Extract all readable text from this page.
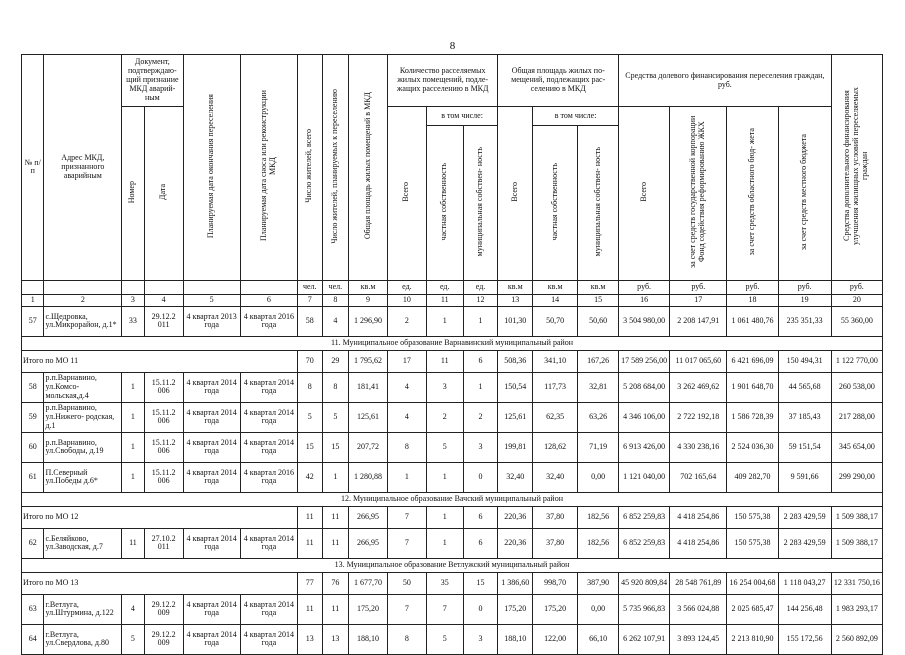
8
№ п/ п	Адрес МКД, признанного аварийным	Документ, подтверждаю- щий признание МКД аварий- ным		Планируемая дата окончания переселения	Планируемая дата сноса или реконструкции МКД	Число жителей, всего	Число жителей, планируемых к переселению	Общая площадь жилых помещений в МКД	Количество расселяемых жилых помещений, подле- жащих расселению в МКД			Общая площадь жилых по- мещений, подлежащих рас- селению в МКД			Средства долевого финансирования переселения граждан, руб.				Средства дополнительного финансирования улучшения жилищных условий переселяемых граждан
		Номер	Дата						Всего	в том числе:		Всего	в том числе:		Всего	за счет средств государственной корпорации Фонд содействия реформированию ЖКХ	за счет средств областного бюд- жета	за счет средств местного бюджета	
										частная собственность	муниципальная собствен- ность		частная собственность	муниципальная собствен- ность					
						чел.	чел.	кв.м	ед.	ед.	ед.	кв.м	кв.м	кв.м	руб.	руб.	руб.	руб.	руб.
1	2	3	4	5	6	7	8	9	10	11	12	13	14	15	16	17	18	19	20
57	с.Щедровка, ул.Микрорайон, д.1*	33	29.12.2 011	4 квартал 2013 года	4 квартал 2016 года	58	4	1 296,90	2	1	1	101,30	50,70	50,60	3 504 980,00	2 208 147,91	1 061 480,76	235 351,33	55 360,00
11. Муниципальное образование Варнавинский муниципальный район																			
Итого по МО 11						70	29	1 795,62	17	11	6	508,36	341,10	167,26	17 589 256,00	11 017 065,60	6 421 696,09	150 494,31	1 122 770,00
58	р.п.Варнавино, ул.Комсо- мольская,д.4	1	15.11.2 006	4 квартал 2014 года	4 квартал 2014 года	8	8	181,41	4	3	1	150,54	117,73	32,81	5 208 684,00	3 262 469,62	1 901 648,70	44 565,68	260 538,00
59	р.п.Варнавино, ул.Нижего- родская, д.1	1	15.11.2 006	4 квартал 2014 года	4 квартал 2014 года	5	5	125,61	4	2	2	125,61	62,35	63,26	4 346 106,00	2 722 192,18	1 586 728,39	37 185,43	217 288,00
60	р.п.Варнавино, ул.Свободы, д.19	1	15.11.2 006	4 квартал 2014 года	4 квартал 2014 года	15	15	207,72	8	5	3	199,81	128,62	71,19	6 913 426,00	4 330 238,16	2 524 036,30	59 151,54	345 654,00
61	П.Северный ул.Победы д.6*	1	15.11.2 006	4 квартал 2014 года	4 квартал 2016 года	42	1	1 280,88	1	1	0	32,40	32,40	0,00	1 121 040,00	702 165,64	409 282,70	9 591,66	299 290,00
12. Муниципальное образование Вачский муниципальный район																			
Итого по МО 12						11	11	266,95	7	1	6	220,36	37,80	182,56	6 852 259,83	4 418 254,86	150 575,38	2 283 429,59	1 509 388,17
62	с.Беляйково, ул.Заводская, д.7	11	27.10.2 011	4 квартал 2014 года	4 квартал 2014 года	11	11	266,95	7	1	6	220,36	37,80	182,56	6 852 259,83	4 418 254,86	150 575,38	2 283 429,59	1 509 388,17
13. Муниципальное образование Ветлужский муниципальный район																			
Итого по МО 13						77	76	1 677,70	50	35	15	1 386,60	998,70	387,90	45 920 809,84	28 548 761,89	16 254 004,68	1 118 043,27	12 331 750,16
63	г.Ветлуга, ул.Штурмина, д.122	4	29.12.2 009	4 квартал 2014 года	4 квартал 2014 года	11	11	175,20	7	7	0	175,20	175,20	0,00	5 735 966,83	3 566 024,88	2 025 685,47	144 256,48	1 983 293,17
64	г.Ветлуга, ул.Свердлова, д.80	5	29.12.2 009	4 квартал 2014 года	4 квартал 2014 года	13	13	188,10	8	5	3	188,10	122,00	66,10	6 262 107,91	3 893 124,45	2 213 810,90	155 172,56	2 560 892,09
